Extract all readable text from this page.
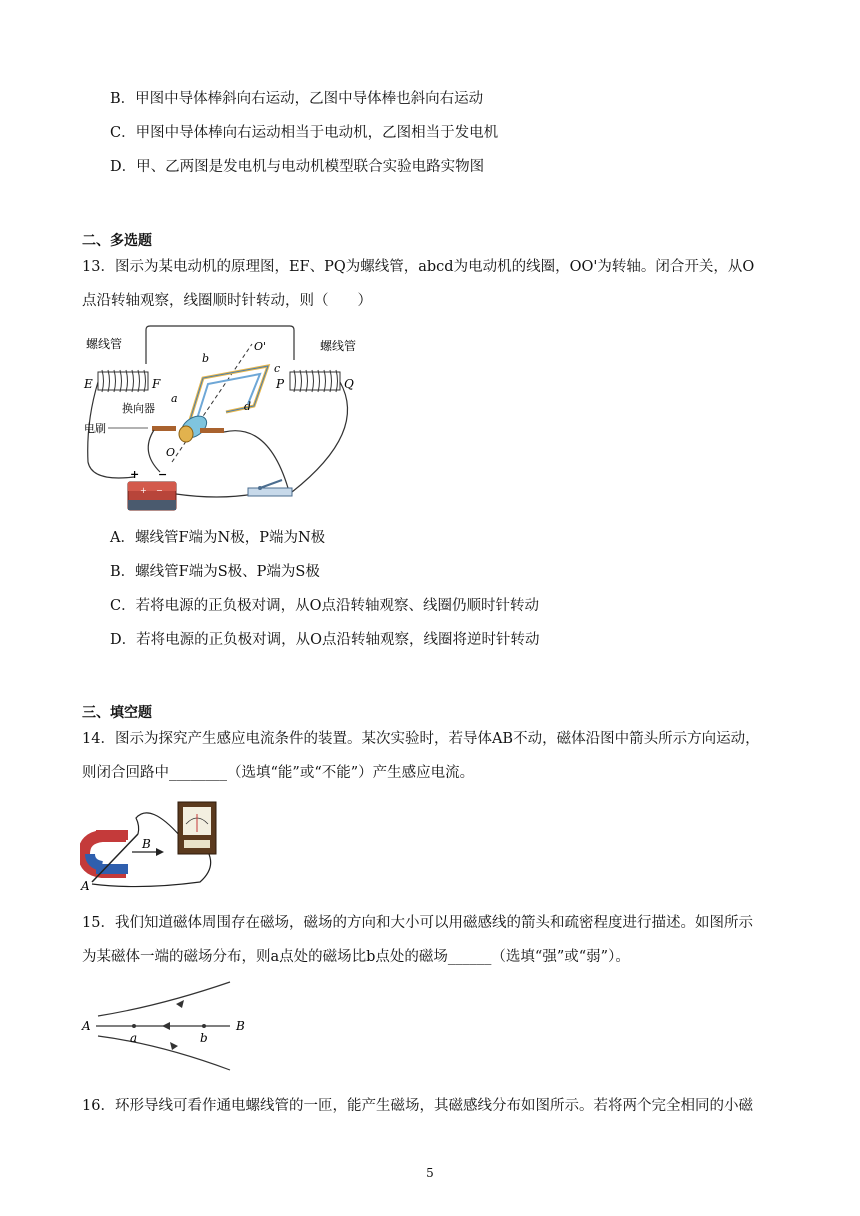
B．甲图中导体棒斜向右运动，乙图中导体棒也斜向右运动
C．甲图中导体棒向右运动相当于电动机，乙图相当于发电机
D．甲、乙两图是发电机与电动机模型联合实验电路实物图
二、多选题
13．图示为某电动机的原理图，EF、PQ为螺线管，abcd为电动机的线圈，OO'为转轴。闭合开关，从O
点沿转轴观察，线圈顺时针转动，则（　　）
+ −
螺线管	螺线管
E	F	P	Q
a
b
c
d
O'
O
换向器
电刷
+ −
A．螺线管F端为N极，P端为N极
B．螺线管F端为S极、P端为S极
C．若将电源的正负极对调，从O点沿转轴观察、线圈仍顺时针转动
D．若将电源的正负极对调，从O点沿转轴观察，线圈将逆时针转动
三、填空题
14．图示为探究产生感应电流条件的装置。某次实验时，若导体AB不动，磁体沿图中箭头所示方向运动，
则闭合回路中________（选填“能”或“不能”）产生感应电流。
A
B
15．我们知道磁体周围存在磁场，磁场的方向和大小可以用磁感线的箭头和疏密程度进行描述。如图所示
为某磁体一端的磁场分布，则a点处的磁场比b点处的磁场______（选填“强”或“弱”）。
A	B
a	b
16．环形导线可看作通电螺线管的一匝，能产生磁场，其磁感线分布如图所示。若将两个完全相同的小磁
5
